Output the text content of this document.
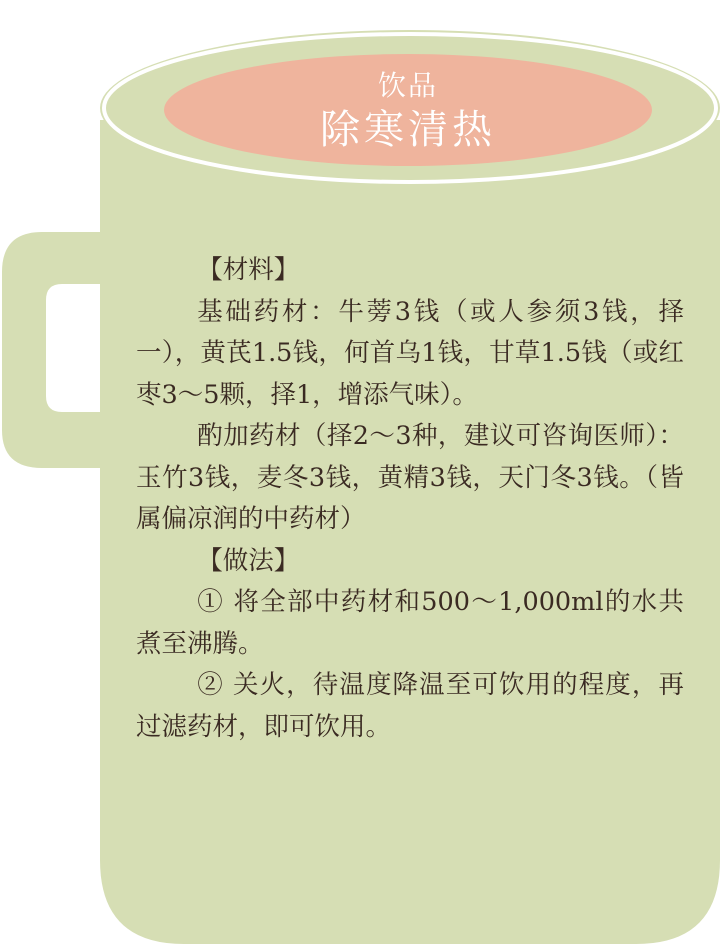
饮品
除寒清热

【材料】

基础药材：牛蒡3钱（或人参须3钱，择一），黄芪1.5钱，何首乌1钱，甘草1.5钱（或红枣3～5颗，择1，增添气味）。

酌加药材（择2～3种，建议可咨询医师）：玉竹3钱，麦冬3钱，黄精3钱，天门冬3钱。（皆属偏凉润的中药材）

【做法】

① 将全部中药材和500～1,000ml的水共煮至沸腾。

② 关火，待温度降温至可饮用的程度，再过滤药材，即可饮用。
